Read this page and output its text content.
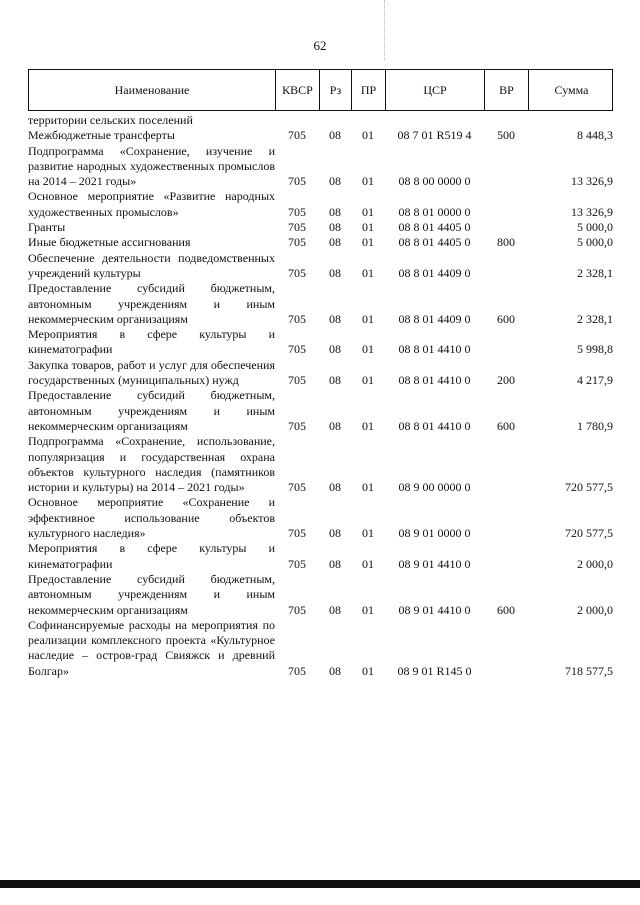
62
Наименование	КВСР	Рз	ПР	ЦСР	ВР	Сумма
территории сельских поселений						
Межбюджетные трансферты	705	08	01	08 7 01 R519 4	500	8 448,3
Подпрограмма «Сохранение, изучение и развитие народных художественных промыслов на 2014 – 2021 годы»	705	08	01	08 8 00 0000 0		13 326,9
Основное мероприятие «Развитие народных художественных промыслов»	705	08	01	08 8 01 0000 0		13 326,9
Гранты	705	08	01	08 8 01 4405 0		5 000,0
Иные бюджетные ассигнования	705	08	01	08 8 01 4405 0	800	5 000,0
Обеспечение деятельности подведомственных учреждений культуры	705	08	01	08 8 01 4409 0		2 328,1
Предоставление субсидий бюджетным, автономным учреждениям и иным некоммерческим организациям	705	08	01	08 8 01 4409 0	600	2 328,1
Мероприятия в сфере культуры и кинематографии	705	08	01	08 8 01 4410 0		5 998,8
Закупка товаров, работ и услуг для обеспечения государственных (муниципальных) нужд	705	08	01	08 8 01 4410 0	200	4 217,9
Предоставление субсидий бюджетным, автономным учреждениям и иным некоммерческим организациям	705	08	01	08 8 01 4410 0	600	1 780,9
Подпрограмма «Сохранение, использование, популяризация и государственная охрана объектов культурного наследия (памятников истории и культуры) на 2014 – 2021 годы»	705	08	01	08 9 00 0000 0		720 577,5
Основное мероприятие «Сохранение и эффективное использование объектов культурного наследия»	705	08	01	08 9 01 0000 0		720 577,5
Мероприятия в сфере культуры и кинематографии	705	08	01	08 9 01 4410 0		2 000,0
Предоставление субсидий бюджетным, автономным учреждениям и иным некоммерческим организациям	705	08	01	08 9 01 4410 0	600	2 000,0
Софинансируемые расходы на мероприятия по реализации комплексного проекта «Культурное наследие – остров-град Свияжск и древний Болгар»	705	08	01	08 9 01 R145 0		718 577,5
